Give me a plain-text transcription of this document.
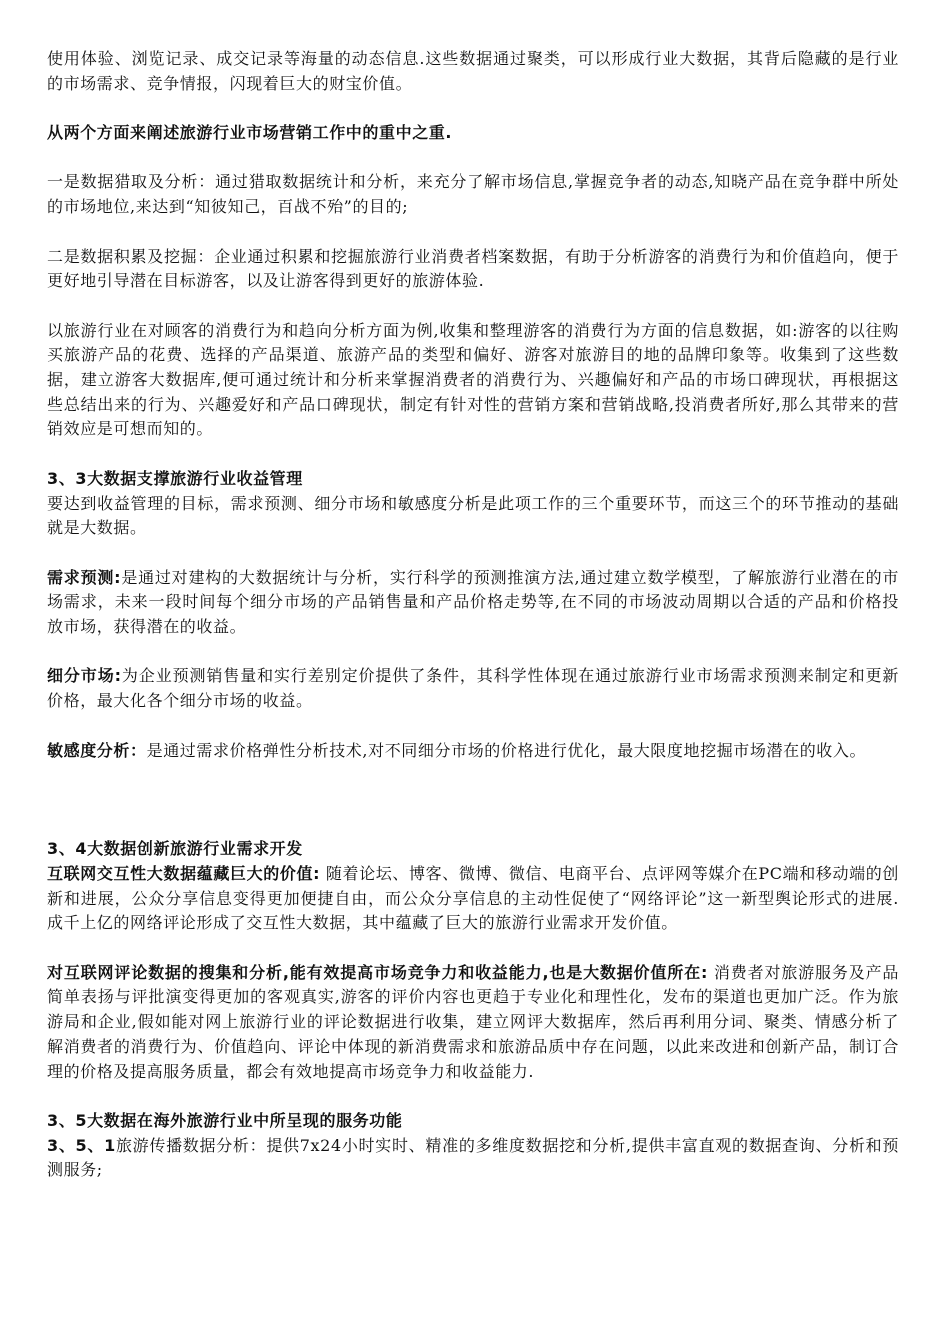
使用体验、浏览记录、成交记录等海量的动态信息.这些数据通过聚类，可以形成行业大数据，其背后隐藏的是行业的市场需求、竞争情报，闪现着巨大的财宝价值。

从两个方面来阐述旅游行业市场营销工作中的重中之重.

一是数据猎取及分析：通过猎取数据统计和分析，来充分了解市场信息,掌握竞争者的动态,知晓产品在竞争群中所处的市场地位,来达到“知彼知己，百战不殆”的目的;

二是数据积累及挖掘：企业通过积累和挖掘旅游行业消费者档案数据，有助于分析游客的消费行为和价值趋向，便于更好地引导潜在目标游客，以及让游客得到更好的旅游体验.

以旅游行业在对顾客的消费行为和趋向分析方面为例,收集和整理游客的消费行为方面的信息数据，如:游客的以往购买旅游产品的花费、选择的产品渠道、旅游产品的类型和偏好、游客对旅游目的地的品牌印象等。收集到了这些数据，建立游客大数据库,便可通过统计和分析来掌握消费者的消费行为、兴趣偏好和产品的市场口碑现状，再根据这些总结出来的行为、兴趣爱好和产品口碑现状，制定有针对性的营销方案和营销战略,投消费者所好,那么其带来的营销效应是可想而知的。

3、3大数据支撑旅游行业收益管理

要达到收益管理的目标，需求预测、细分市场和敏感度分析是此项工作的三个重要环节，而这三个的环节推动的基础就是大数据。

需求预测:是通过对建构的大数据统计与分析，实行科学的预测推演方法,通过建立数学模型，了解旅游行业潜在的市场需求，未来一段时间每个细分市场的产品销售量和产品价格走势等,在不同的市场波动周期以合适的产品和价格投放市场，获得潜在的收益。

细分市场:为企业预测销售量和实行差别定价提供了条件，其科学性体现在通过旅游行业市场需求预测来制定和更新价格，最大化各个细分市场的收益。

敏感度分析：是通过需求价格弹性分析技术,对不同细分市场的价格进行优化，最大限度地挖掘市场潜在的收入。

3、4大数据创新旅游行业需求开发

互联网交互性大数据蕴藏巨大的价值: 随着论坛、博客、微博、微信、电商平台、点评网等媒介在PC端和移动端的创新和进展，公众分享信息变得更加便捷自由，而公众分享信息的主动性促使了“网络评论”这一新型舆论形式的进展.成千上亿的网络评论形成了交互性大数据，其中蕴藏了巨大的旅游行业需求开发价值。

对互联网评论数据的搜集和分析,能有效提高市场竞争力和收益能力,也是大数据价值所在: 消费者对旅游服务及产品简单表扬与评批演变得更加的客观真实,游客的评价内容也更趋于专业化和理性化，发布的渠道也更加广泛。作为旅游局和企业,假如能对网上旅游行业的评论数据进行收集，建立网评大数据库，然后再利用分词、聚类、情感分析了解消费者的消费行为、价值趋向、评论中体现的新消费需求和旅游品质中存在问题，以此来改进和创新产品，制订合理的价格及提高服务质量，都会有效地提高市场竞争力和收益能力.

3、5大数据在海外旅游行业中所呈现的服务功能

3、5、1旅游传播数据分析：提供7x24小时实时、精准的多维度数据挖和分析,提供丰富直观的数据查询、分析和预测服务;
